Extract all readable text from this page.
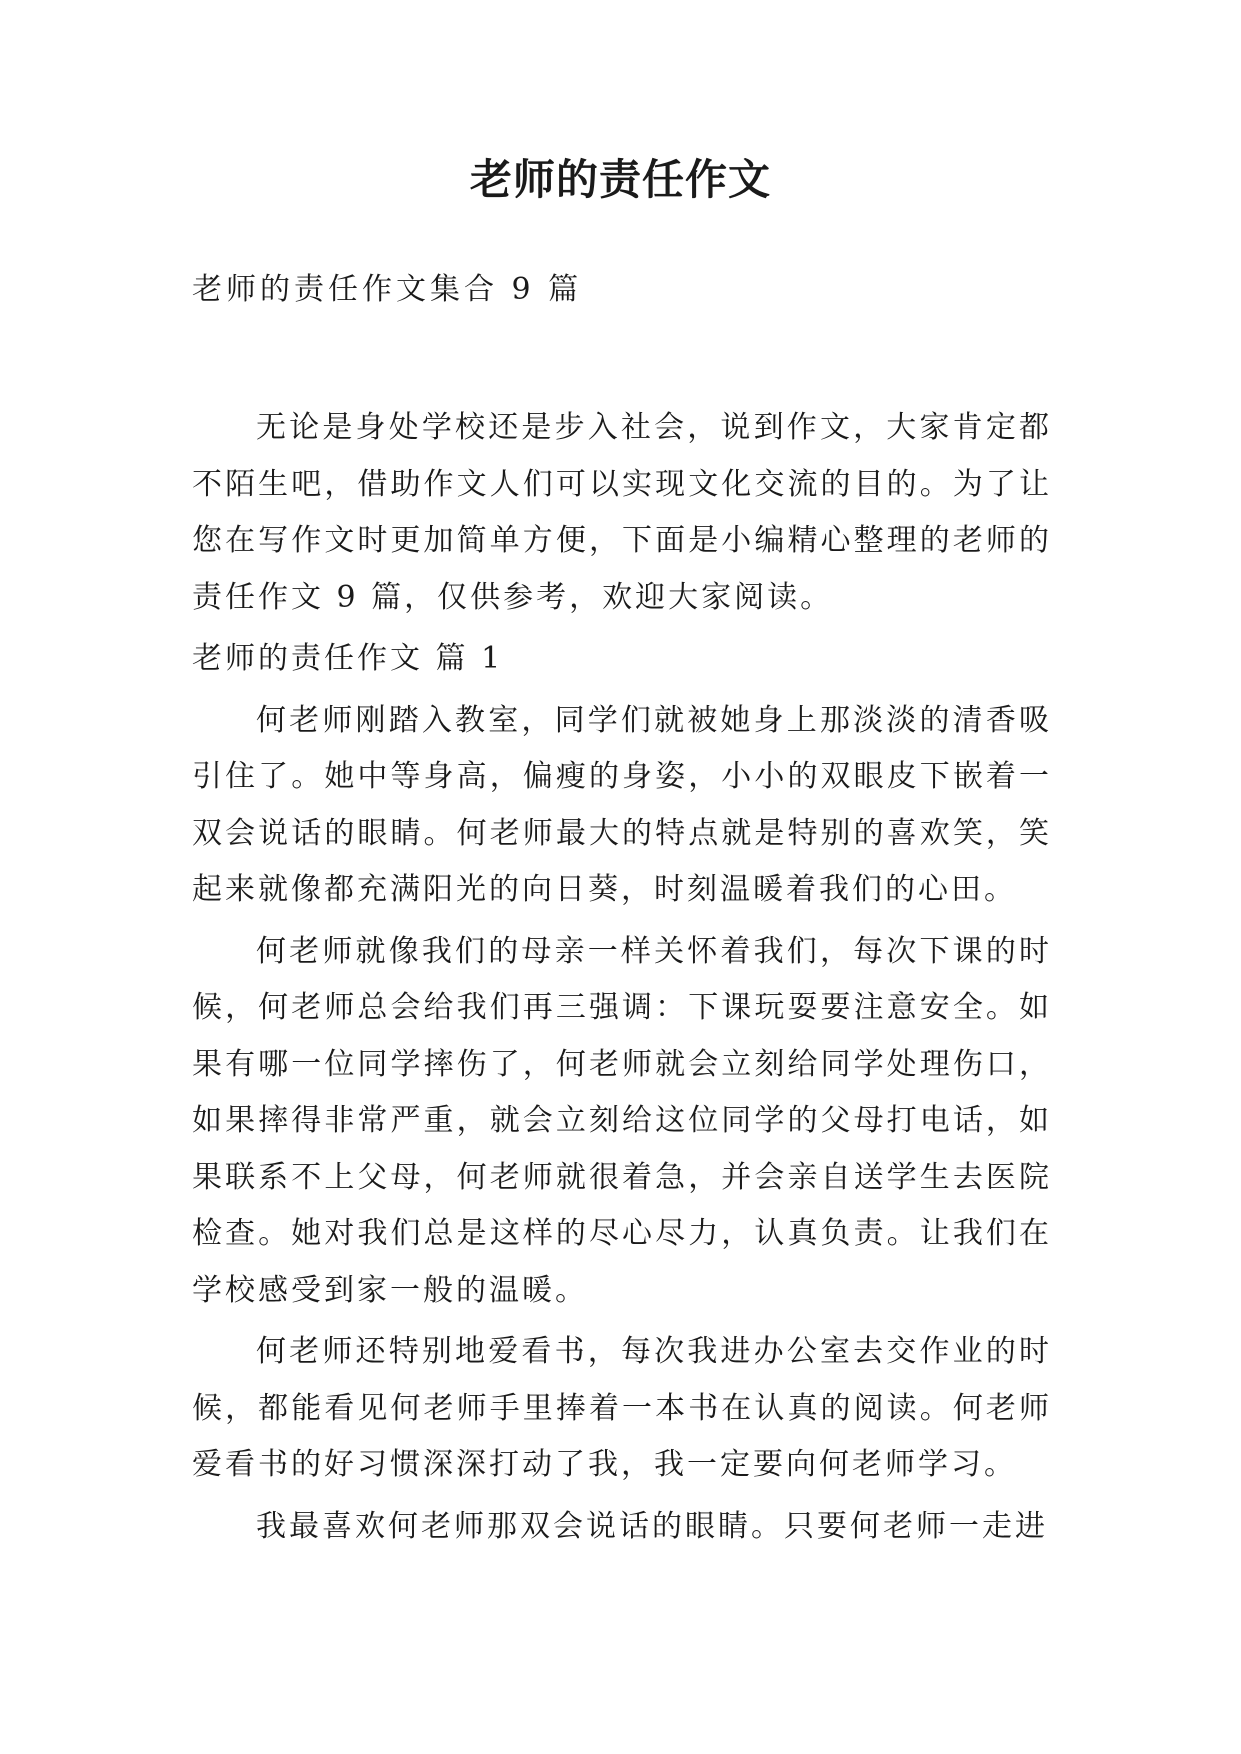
老师的责任作文
老师的责任作文集合 9 篇

无论是身处学校还是步入社会，说到作文，大家肯定都不陌生吧，借助作文人们可以实现文化交流的目的。为了让您在写作文时更加简单方便，下面是小编精心整理的老师的责任作文 9 篇，仅供参考，欢迎大家阅读。

老师的责任作文 篇 1

何老师刚踏入教室，同学们就被她身上那淡淡的清香吸引住了。她中等身高，偏瘦的身姿，小小的双眼皮下嵌着一双会说话的眼睛。何老师最大的特点就是特别的喜欢笑，笑起来就像都充满阳光的向日葵，时刻温暖着我们的心田。

何老师就像我们的母亲一样关怀着我们，每次下课的时候，何老师总会给我们再三强调：下课玩耍要注意安全。如果有哪一位同学摔伤了，何老师就会立刻给同学处理伤口，如果摔得非常严重，就会立刻给这位同学的父母打电话，如果联系不上父母，何老师就很着急，并会亲自送学生去医院检查。她对我们总是这样的尽心尽力，认真负责。让我们在学校感受到家一般的温暖。

何老师还特别地爱看书，每次我进办公室去交作业的时候，都能看见何老师手里捧着一本书在认真的阅读。何老师爱看书的好习惯深深打动了我，我一定要向何老师学习。

我最喜欢何老师那双会说话的眼睛。只要何老师一走进
